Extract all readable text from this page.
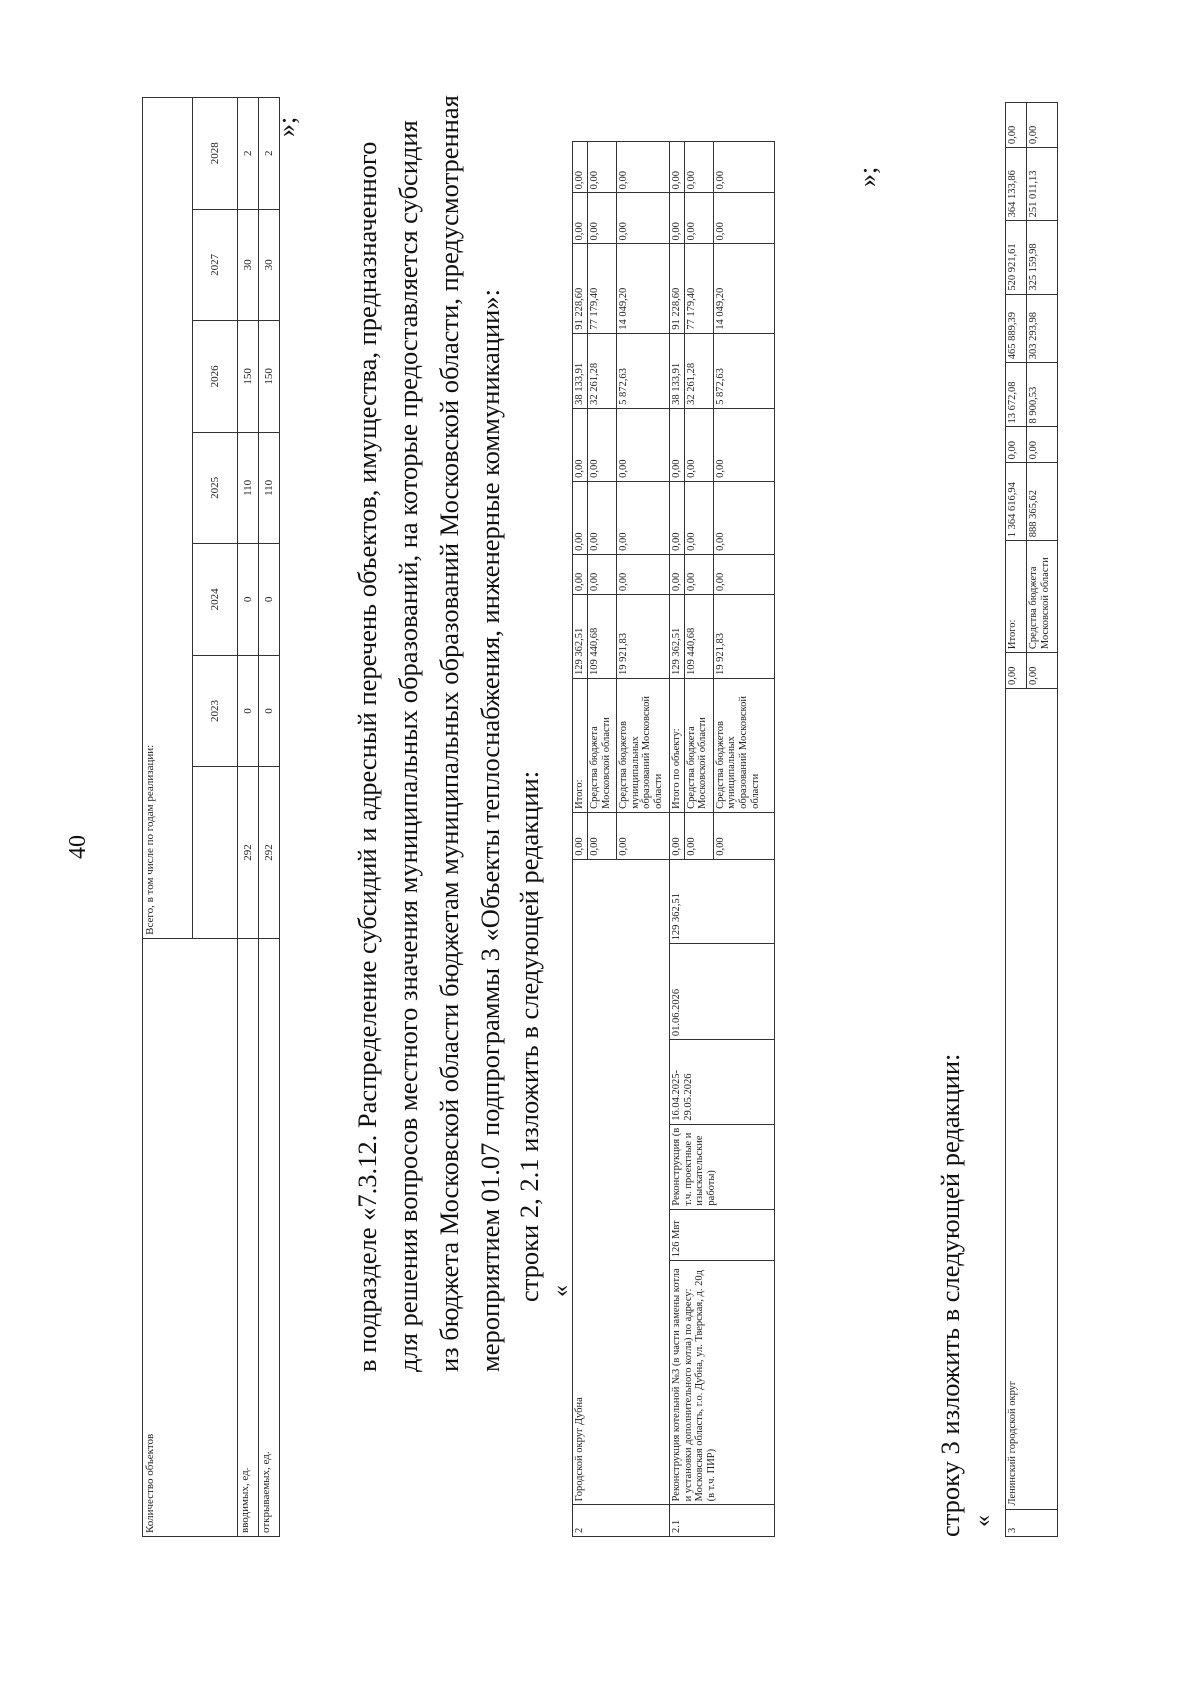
40
Количество объектов	Всего, в том числе по годам реализации:						
		2023	2024	2025	2026	2027	2028
вводимых, ед.	292	0	0	110	150	30	2
открываемых, ед.	292	0	0	110	150	30	2
»;
в подразделе «7.3.12. Распределение субсидий и адресный перечень объектов, имущества, предназначенного для решения вопросов местного значения муниципальных образований, на которые предоставляется субсидия из бюджета Московской области бюджетам муниципальных образований Московской области, предусмотренная мероприятием 01.07 подпрограммы 3 «Объекты теплоснабжения, инженерные коммуникации»: строки 2, 2.1 изложить в следующей редакции: «
2	Городской округ Дубна						0,00	Итого:	129 362,51	0,00	0,00	0,00	38 133,91	91 228,60	0,00	0,00
							0,00	Средства бюджета Московской области	109 440,68	0,00	0,00	0,00	32 261,28	77 179,40	0,00	0,00
							0,00	Средства бюджетов муниципальных образований Московской области	19 921,83	0,00	0,00	0,00	5 872,63	14 049,20	0,00	0,00
2.1	Реконструкция котельной №3 (в части замены котла и установки дополнительного котла) по адресу: Московская область, г.о. Дубна, ул. Тверская, д. 20д (в т.ч. ПИР)	126 Мвт	Реконструкция (в т.ч. проектные и изыскательские работы)	16.04.2025-29.05.2026	01.06.2026	129 362,51	0,00	Итого по объекту:	129 362,51	0,00	0,00	0,00	38 133,91	91 228,60	0,00	0,00
							0,00	Средства бюджета Московской области	109 440,68	0,00	0,00	0,00	32 261,28	77 179,40	0,00	0,00
							0,00	Средства бюджетов муниципальных образований Московской области	19 921,83	0,00	0,00	0,00	5 872,63	14 049,20	0,00	0,00	»;
строку 3 изложить в следующей редакции: «
3	Ленинский городской округ	0,00	Итого:	1 364 616,94	0,00	13 672,08	465 889,39	520 921,61	364 133,86	0,00
		0,00	Средства бюджета Московской области	888 365,62	0,00	8 900,53	303 293,98	325 159,98	251 011,13	0,00
